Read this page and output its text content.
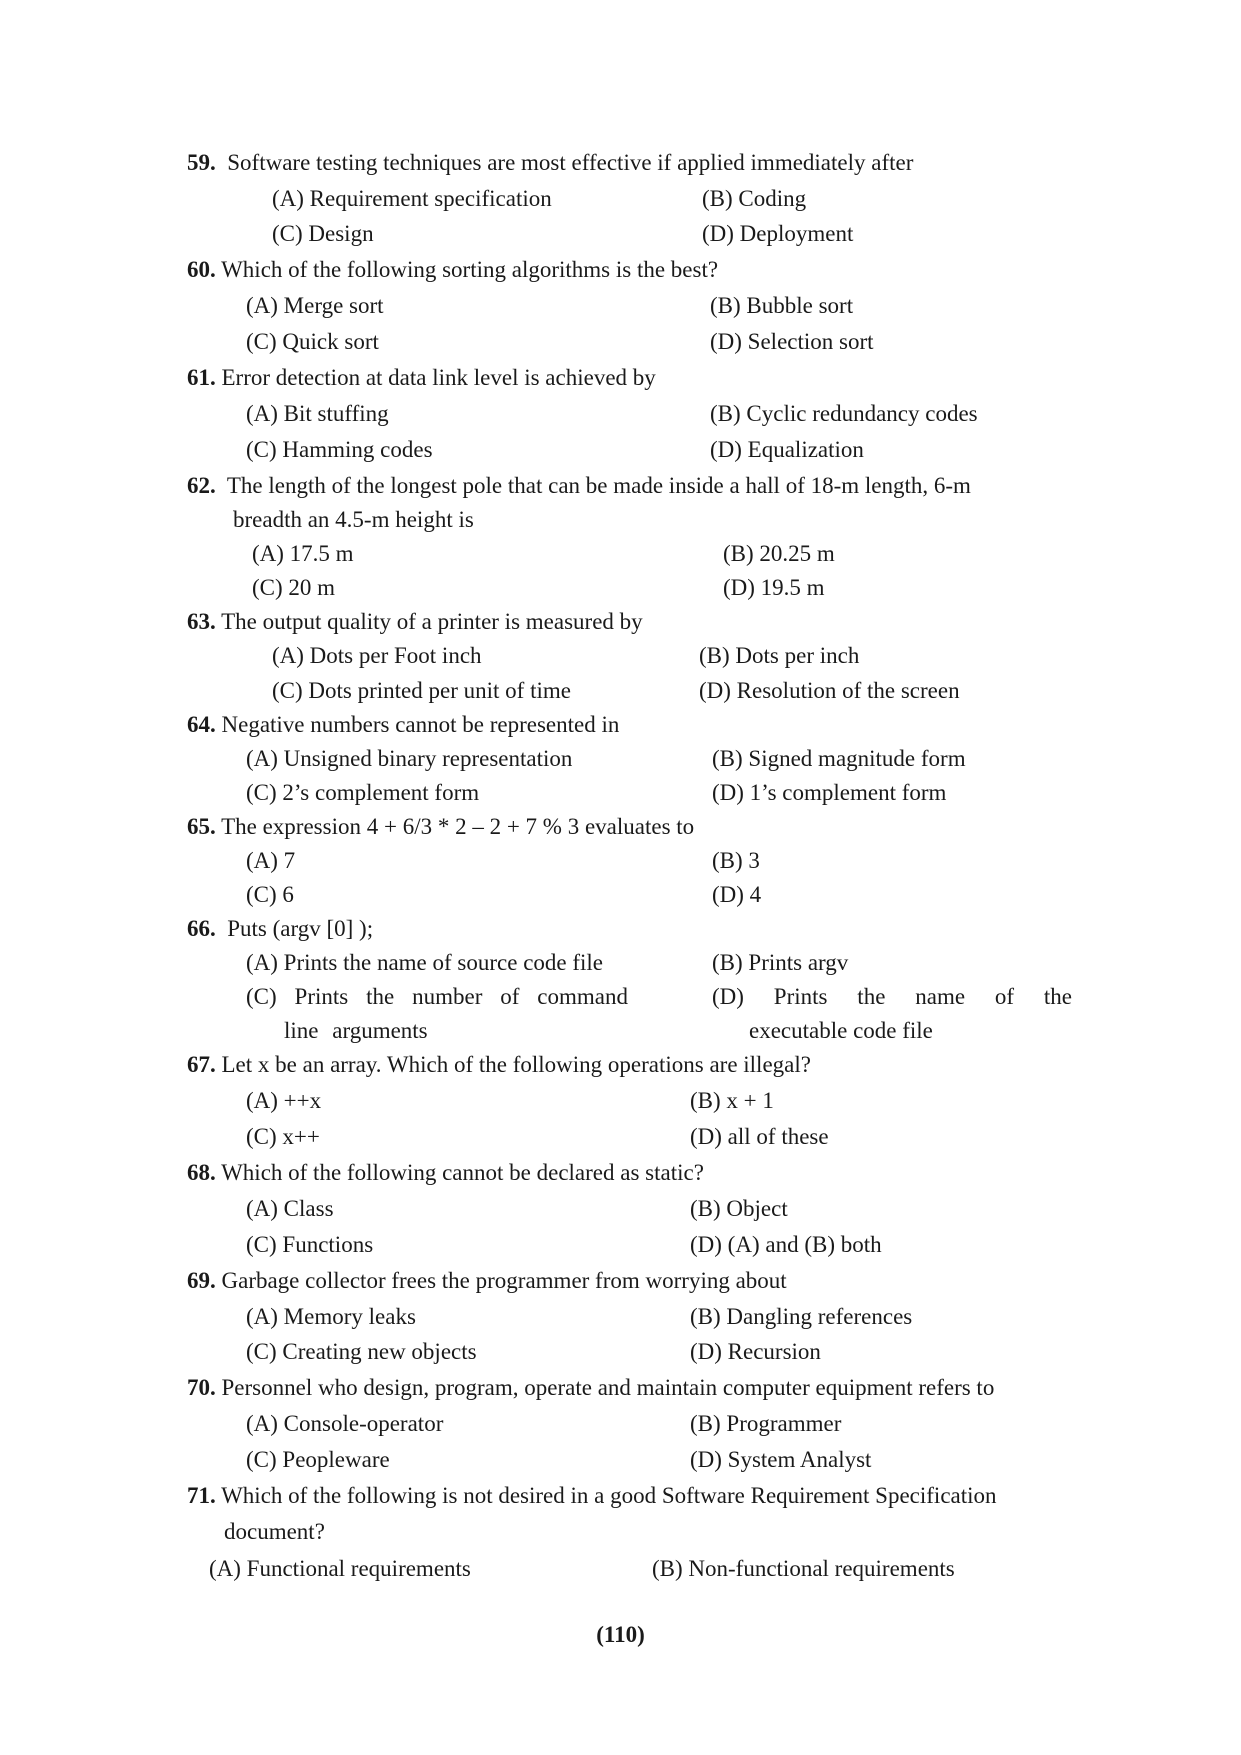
59. Software testing techniques are most effective if applied immediately after
(A) Requirement specification	(B) Coding
(C) Design	(D) Deployment
60. Which of the following sorting algorithms is the best?
(A) Merge sort	(B) Bubble sort
(C) Quick sort	(D) Selection sort
61. Error detection at data link level is achieved by
(A) Bit stuffing	(B) Cyclic redundancy codes
(C) Hamming codes	(D) Equalization
62. The length of the longest pole that can be made inside a hall of 18-m length, 6-m
breadth an 4.5-m height is
(A) 17.5 m	(B) 20.25 m
(C) 20 m	(D) 19.5 m
63. The output quality of a printer is measured by
(A) Dots per Foot inch	(B) Dots per inch
(C) Dots printed per unit of time	(D) Resolution of the screen
64. Negative numbers cannot be represented in
(A) Unsigned binary representation	(B) Signed magnitude form
(C) 2’s complement form	(D) 1’s complement form
65. The expression 4 + 6/3 * 2 – 2 + 7 % 3 evaluates to
(A) 7	(B) 3
(C) 6	(D) 4
66. Puts (argv [0] );
(A) Prints the name of source code file	(B) Prints argv
(C) Prints the number of command
line arguments
(D) Prints the name of the
executable code file
67. Let x be an array. Which of the following operations are illegal?
(A) ++x	(B) x + 1
(C) x++	(D) all of these
68. Which of the following cannot be declared as static?
(A) Class	(B) Object
(C) Functions	(D) (A) and (B) both
69. Garbage collector frees the programmer from worrying about
(A) Memory leaks	(B) Dangling references
(C) Creating new objects	(D) Recursion
70. Personnel who design, program, operate and maintain computer equipment refers to
(A) Console-operator	(B) Programmer
(C) Peopleware	(D) System Analyst
71. Which of the following is not desired in a good Software Requirement Specification
document?
(A) Functional requirements	(B) Non-functional requirements
(110)
